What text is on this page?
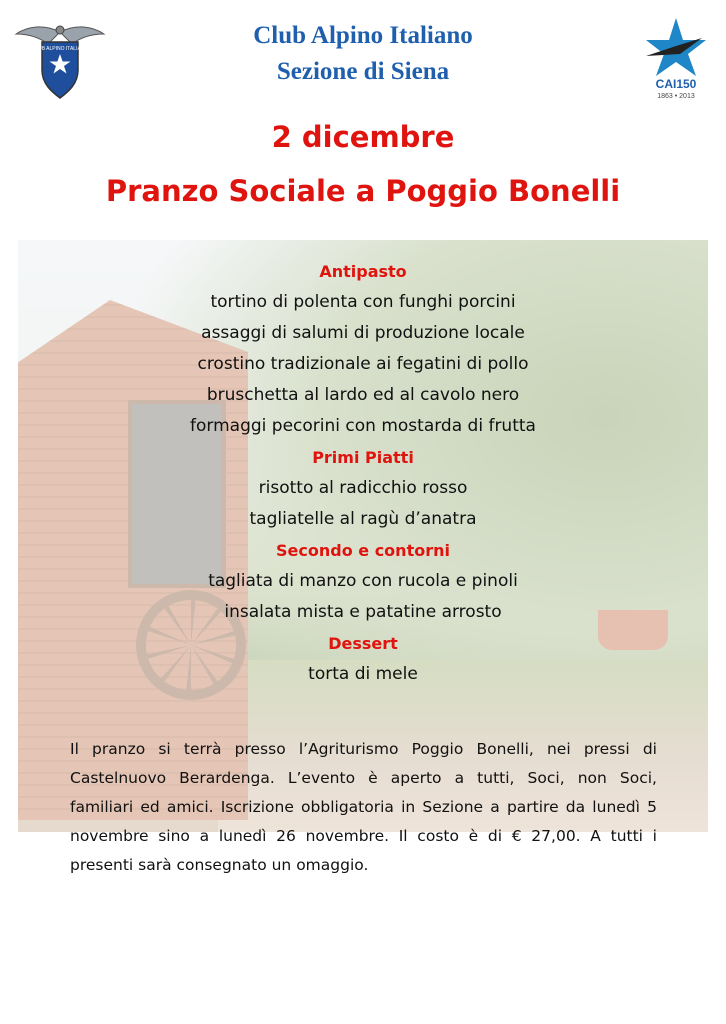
CLUB ALPINO ITALIANO	Club Alpino Italiano
Sezione di Siena	CAI150
1863 • 2013
2 dicembre
Pranzo Sociale a Poggio Bonelli
Antipasto
tortino di polenta con funghi porcini
assaggi di salumi di produzione locale
crostino tradizionale ai fegatini di pollo
bruschetta al lardo ed al cavolo nero
formaggi pecorini con mostarda di frutta
Primi Piatti
risotto al radicchio rosso
tagliatelle al ragù d’anatra
Secondo e contorni
tagliata di manzo con rucola e pinoli
insalata mista e patatine arrosto
Dessert
torta di mele
Il pranzo si terrà presso l’Agriturismo Poggio Bonelli, nei pressi di
Castelnuovo Berardenga. L’evento è aperto a tutti, Soci, non Soci,
familiari ed amici. Iscrizione obbligatoria in Sezione a partire da lunedì 5
novembre sino a lunedì 26 novembre. Il costo è di € 27,00. A tutti i
presenti sarà consegnato un omaggio.
